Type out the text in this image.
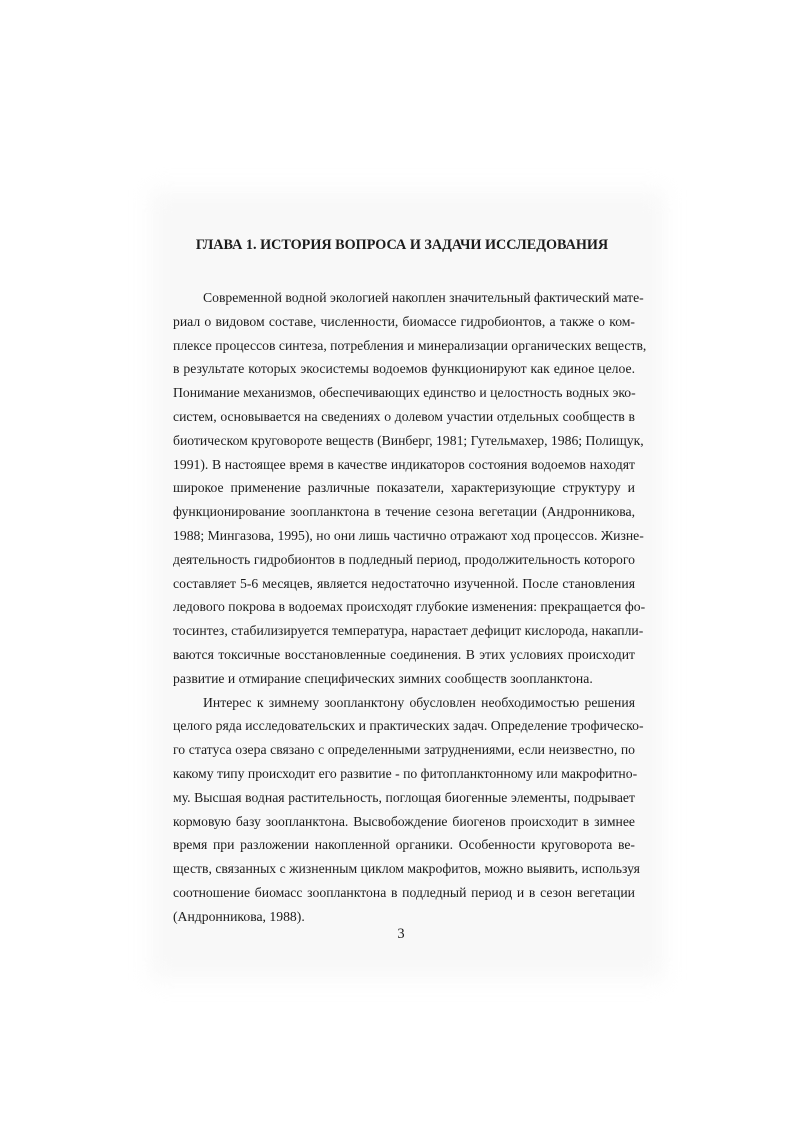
ГЛАВА 1. ИСТОРИЯ ВОПРОСА И ЗАДАЧИ ИССЛЕДОВАНИЯ

Современной водной экологией накоплен значительный фактический мате-
риал о видовом составе, численности, биомассе гидробионтов, а также о ком-
плексе процессов синтеза, потребления и минерализации органических веществ,
в результате которых экосистемы водоемов функционируют как единое целое.
Понимание механизмов, обеспечивающих единство и целостность водных эко-
систем, основывается на сведениях о долевом участии отдельных сообществ в
биотическом круговороте веществ (Винберг, 1981; Гутельмахер, 1986; Полищук,
1991). В настоящее время в качестве индикаторов состояния водоемов находят
широкое применение различные показатели, характеризующие структуру и
функционирование зоопланктона в течение сезона вегетации (Андронникова,
1988; Мингазова, 1995), но они лишь частично отражают ход процессов. Жизне-
деятельность гидробионтов в подледный период, продолжительность которого
составляет 5-6 месяцев, является недостаточно изученной. После становления
ледового покрова в водоемах происходят глубокие изменения: прекращается фо-
тосинтез, стабилизируется температура, нарастает дефицит кислорода, накапли-
ваются токсичные восстановленные соединения. В этих условиях происходит
развитие и отмирание специфических зимних сообществ зоопланктона.

Интерес к зимнему зоопланктону обусловлен необходимостью решения
целого ряда исследовательских и практических задач. Определение трофическо-
го статуса озера связано с определенными затруднениями, если неизвестно, по
какому типу происходит его развитие - по фитопланктонному или макрофитно-
му. Высшая водная растительность, поглощая биогенные элементы, подрывает
кормовую базу зоопланктона. Высвобождение биогенов происходит в зимнее
время при разложении накопленной органики. Особенности круговорота ве-
ществ, связанных с жизненным циклом макрофитов, можно выявить, используя
соотношение биомасс зоопланктона в подледный период и в сезон вегетации
(Андронникова, 1988).

3
